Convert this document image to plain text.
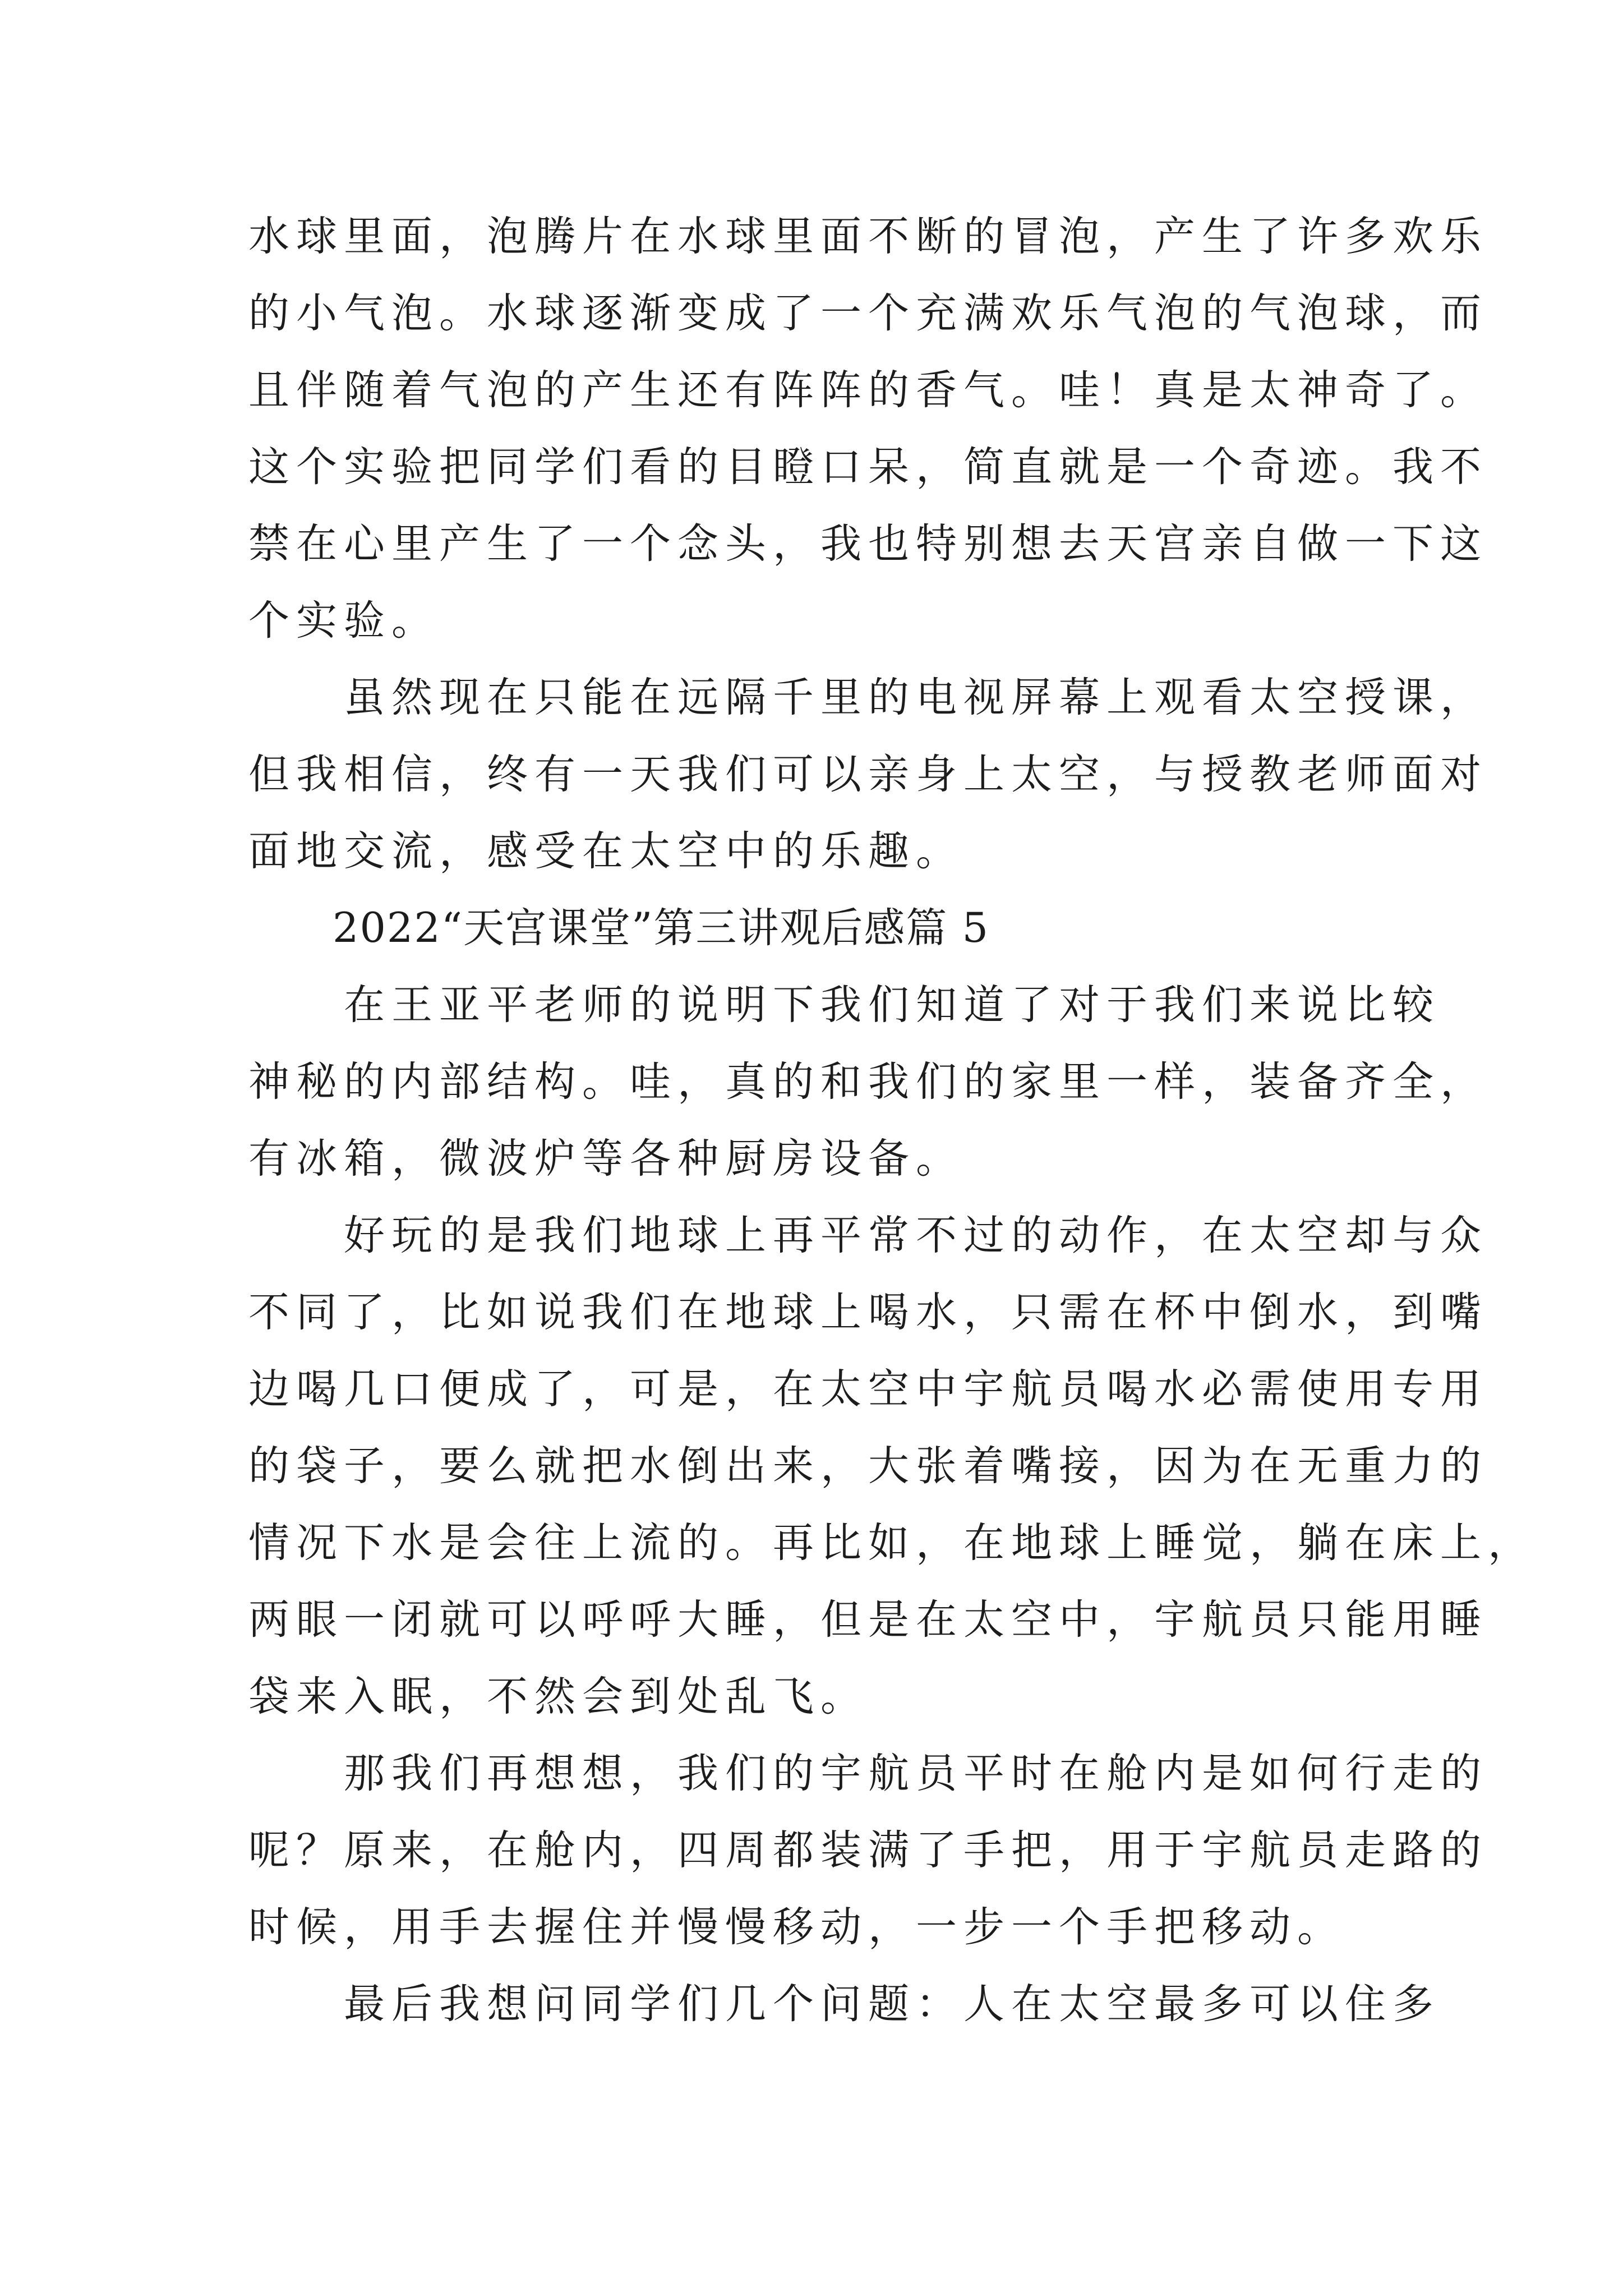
水球里面，泡腾片在水球里面不断的冒泡，产生了许多欢乐

的小气泡。水球逐渐变成了一个充满欢乐气泡的气泡球，而

且伴随着气泡的产生还有阵阵的香气。哇！真是太神奇了。

这个实验把同学们看的目瞪口呆，简直就是一个奇迹。我不

禁在心里产生了一个念头，我也特别想去天宫亲自做一下这

个实验。

　　虽然现在只能在远隔千里的电视屏幕上观看太空授课，

但我相信，终有一天我们可以亲身上太空，与授教老师面对

面地交流，感受在太空中的乐趣。

　　2022“天宫课堂”第三讲观后感篇 5

　　在王亚平老师的说明下我们知道了对于我们来说比较

神秘的内部结构。哇，真的和我们的家里一样，装备齐全，

有冰箱，微波炉等各种厨房设备。

　　好玩的是我们地球上再平常不过的动作，在太空却与众

不同了，比如说我们在地球上喝水，只需在杯中倒水，到嘴

边喝几口便成了，可是，在太空中宇航员喝水必需使用专用

的袋子，要么就把水倒出来，大张着嘴接，因为在无重力的

情况下水是会往上流的。再比如，在地球上睡觉，躺在床上，

两眼一闭就可以呼呼大睡，但是在太空中，宇航员只能用睡

袋来入眠，不然会到处乱飞。

　　那我们再想想，我们的宇航员平时在舱内是如何行走的

呢？原来，在舱内，四周都装满了手把，用于宇航员走路的

时候，用手去握住并慢慢移动，一步一个手把移动。

　　最后我想问同学们几个问题：人在太空最多可以住多
